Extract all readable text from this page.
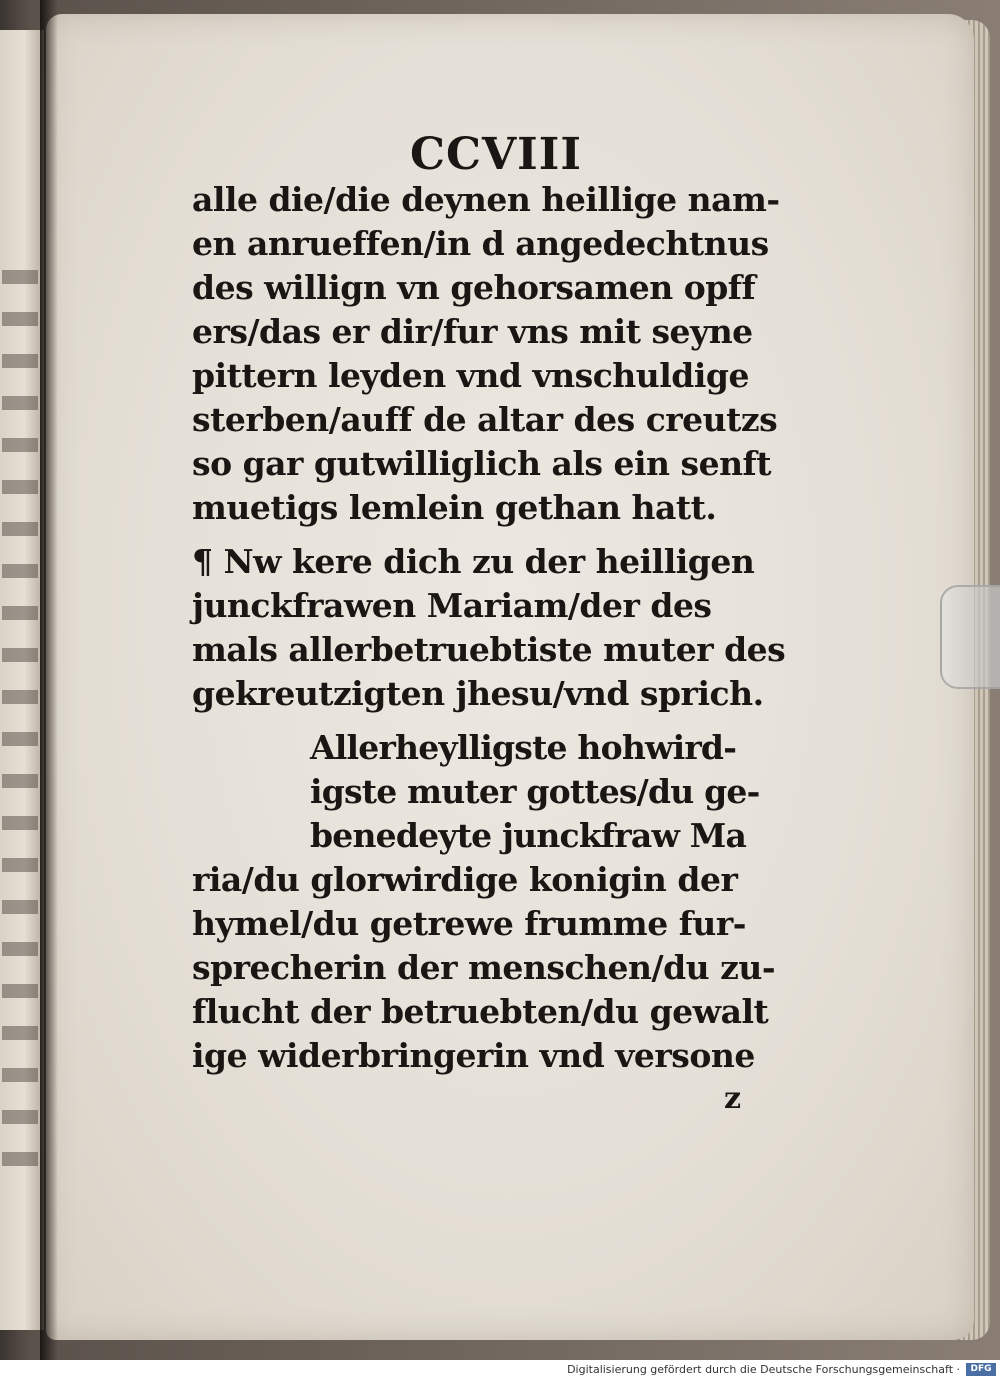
CCVIII
alle die/die deynen heillige nam-
en anrueffen/in d angedechtnus
des willign vn gehorsamen opff
ers/das er dir/fur vns mit seyne
pittern leyden vnd vnschuldige
sterben/auff de altar des creutzs
so gar gutwilliglich als ein senft
muetigs lemlein gethan hatt.
¶ Nw kere dich zu der heilligen
junckfrawen Mariam/der des
mals allerbetruebtiste muter des
gekreutzigten jhesu/vnd sprich.
Allerheylligste hohwird-
igste muter gottes/du ge-
benedeyte junckfraw Ma
ria/du glorwirdige konigin der
hymel/du getrewe frumme fur-
sprecherin der menschen/du zu-
flucht der betruebten/du gewalt
ige widerbringerin vnd versone
z
Digitalisierung gefördert durch die Deutsche Forschungsgemeinschaft ·	DFG
